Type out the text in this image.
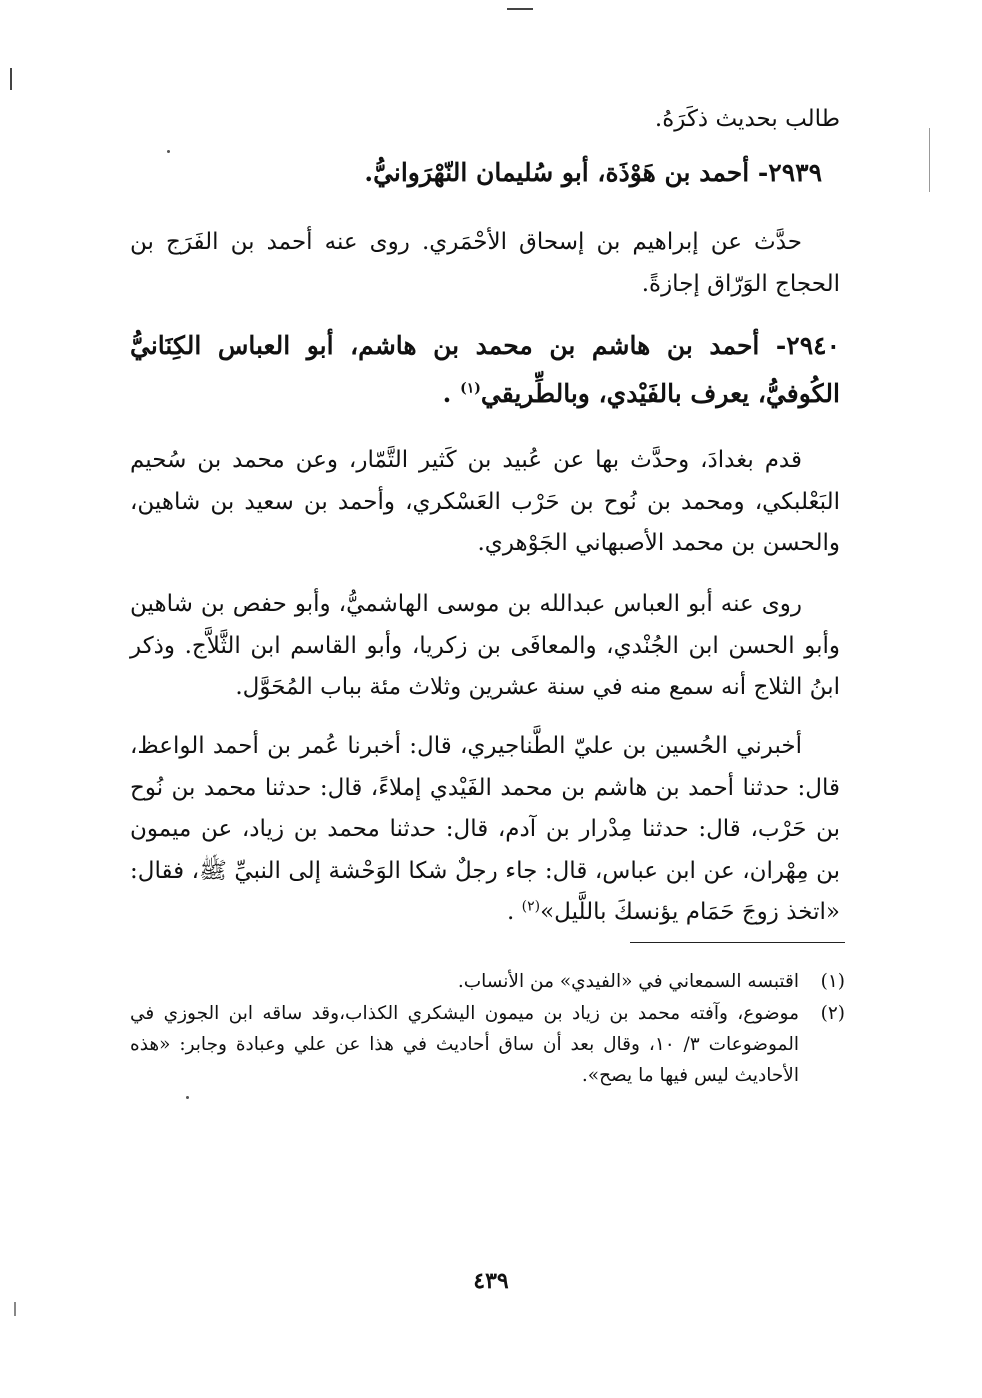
طالب بحديث ذكَرَهُ.
٢٩٣٩- أحمد بن هَوْذَة، أبو سُليمان النّهْرَوانيُّ.
حدَّث عن إبراهيم بن إسحاق الأحْمَري. روى عنه أحمد بن الفَرَج بن الحجاج الوَرّاق إجازةً.
٢٩٤٠- أحمد بن هاشم بن محمد بن هاشم، أبو العباس الكِنَانيُّ الكُوفيُّ، يعرف بالفَيْدي، وبالطِّريقي$^{(١)}$ .
قدم بغدادَ، وحدَّث بها عن عُبيد بن كَثير التَّمّار، وعن محمد بن سُحيم البَعْلبكي، ومحمد بن نُوح بن حَرْب العَسْكري، وأحمد بن سعيد بن شاهين، والحسن بن محمد الأصبهاني الجَوْهري.
روى عنه أبو العباس عبدالله بن موسى الهاشميُّ، وأبو حفص بن شاهين وأبو الحسن ابن الجُنْدي، والمعافَى بن زكريا، وأبو القاسم ابن الثَّلاَّج. وذكر ابنُ الثلاج أنه سمع منه في سنة عشرين وثلاث مئة بباب المُحَوَّل.
أخبرني الحُسين بن عليّ الطَّناجيري، قال: أخبرنا عُمر بن أحمد الواعظ، قال: حدثنا أحمد بن هاشم بن محمد الفَيْدي إملاءً، قال: حدثنا محمد بن نُوح بن حَرْب، قال: حدثنا مِدْرار بن آدم، قال: حدثنا محمد بن زياد، عن ميمون بن مِهْران، عن ابن عباس، قال: جاء رجلٌ شكا الوَحْشة إلى النبيِّ ﷺ، فقال: «اتخذ زوجَ حَمَام يؤنسكَ باللَّيل»$^{(٢)}$ .
(١)
اقتبسه السمعاني في «الفيدي» من الأنساب.
(٢)
موضوع، وآفته محمد بن زياد بن ميمون اليشكري الكذاب،وقد ساقه ابن الجوزي في الموضوعات ٣/ ١٠، وقال بعد أن ساق أحاديث في هذا عن علي وعبادة وجابر: «هذه الأحاديث ليس فيها ما يصح».
٤٣٩
